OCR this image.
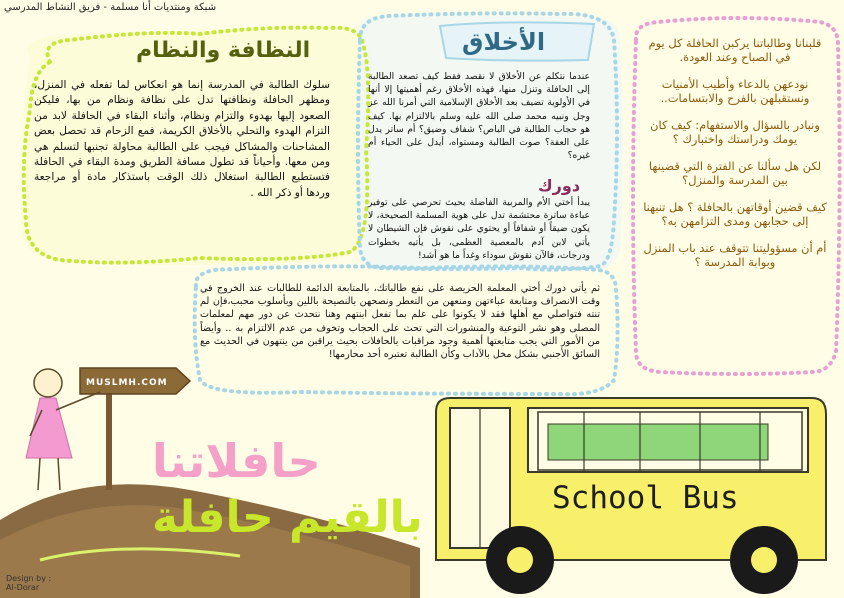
شبكة ومنتديات أنا مسلمة - فريق النشاط المدرسي
النظافة والنظام	الأخلاق
سلوك الطالبة في المدرسة إنما هو انعكاس لما تفعله في المنزل، ومظهر الحافلة ونظافتها تدل على نظافة ونظام من بها، فليكن الصعود إليها بهدوء والتزام ونظام، وأثناء البقاء في الحافلة لابد من التزام الهدوء والتحلي بالأخلاق الكريمة، فمع الزحام قد تحصل بعض المشاحنات والمشاكل فيجب على الطالبة محاولة تجنبها لتسلم هي ومن معها. وأحياناً قد تطول مسافة الطريق ومدة البقاء في الحافلة فتستطيع الطالبة استغلال ذلك الوقت باستذكار مادة أو مراجعة وردها أو ذكر الله .
عندما نتكلم عن الأخلاق لا نقصد فقط كيف تصعد الطالبة إلى الحافلة وتنزل منها، فهذه الأخلاق رغم أهميتها إلا أنها في الأولوية تضيف بعد الأخلاق الإسلامية التي أمرنا الله عز وجل ونبيه محمد صلى الله عليه وسلم بالالتزام بها. كيف هو حجاب الطالبة في الباص؟ شفاف وضيق؟ أم ساتر يدل على العفة؟ صوت الطالبة ومستواه، أيدل على الحياء أم غيره؟
دورك
يبدأ أختي الأم والمربية الفاضلة بحيث تحرصي على توفير عباءة ساترة محتشمة تدل على هوية المسلمة الصحيحة، لا يكون ضيقاً أو شفافاً أو يحتوي على نقوش فإن الشيطان لا يأتي لابن آدم بالمعصية العظمى، بل يأتيه بخطوات ودرجات، فالآن نقوش سوداء وغداً ما هو أشد!
ثم يأتي دورك أختي المعلمة الحريصة على نفع طالباتك، بالمتابعة الدائمة للطالبات عند الخروج في وقت الانصراف ومتابعة عباءتهن ومنعهن من التعطر ونصحهن بالنصيحة باللين وبأسلوب محبب،فإن لم تنته فتواصلي مع أهلها فقد لا يكونوا على علم بما تفعل ابنتهم وهنا نتحدث عن دور مهم لمعلمات المصلى وهو نشر التوعية والمنشورات التي تحث على الحجاب وتخوف من عدم الالتزام به .. وأيضاً من الأمور التي يجب متابعتها أهمية وجود مراقبات بالحافلات بحيث يراقبن من ينتهون في الحديث مع السائق الأجنبي بشكل مخل بالآداب وكأن الطالبة تعتبره أحد محارمها!

قلبنانا وطالباتنا يركبن الحافلة كل يوم في الصباح وعند العودة.

نودعهن بالدعاء وأطيب الأمنيات ونستقبلهن بالفرح والابتسامات..

ونبادر بالسؤال والاستفهام: كيف كان يومك ودراستك واختبارك ؟

لكن هل سألنا عن الفترة التي قضينها بين المدرسة والمنزل؟

كيف قضين أوقاتهن بالحافلة ؟ هل تنبهنا إلى حجابهن ومدى التزامهن به؟

أم أن مسؤوليتنا تتوقف عند باب المنزل وبوابة المدرسة ؟

MUSLMH.COM
حافلاتنا
بالقيم حافلة	School Bus
Design by :
Al-Dorar
